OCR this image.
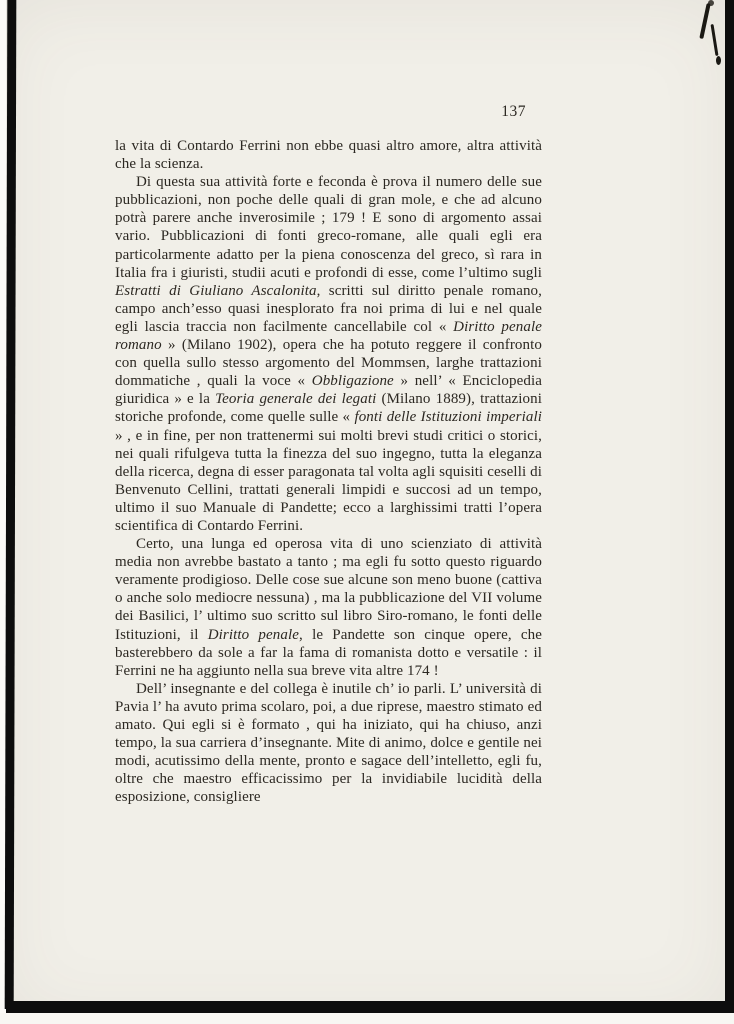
137

la vita di Contardo Ferrini non ebbe quasi altro amore, altra attività che la scienza.

Di questa sua attività forte e feconda è prova il numero delle sue pubblicazioni, non poche delle quali di gran mole, e che ad alcuno potrà parere anche inverosimile ; 179 ! E sono di argomento assai vario. Pubblicazioni di fonti greco-romane, alle quali egli era particolarmente adatto per la piena conoscenza del greco, sì rara in Italia fra i giuristi, studii acuti e profondi di esse, come l’ultimo sugli Estratti di Giuliano Ascalonita, scritti sul diritto penale romano, campo anch’esso quasi inesplorato fra noi prima di lui e nel quale egli lascia traccia non facilmente cancellabile col « Diritto penale romano » (Milano 1902), opera che ha potuto reggere il confronto con quella sullo stesso argomento del Mommsen, larghe trattazioni dommatiche , quali la voce « Obbligazione » nell’ « Enciclopedia giuridica » e la Teoria generale dei legati (Milano 1889), trattazioni storiche profonde, come quelle sulle « fonti delle Istituzioni imperiali » , e in fine, per non trattenermi sui molti brevi studi critici o storici, nei quali rifulgeva tutta la finezza del suo ingegno, tutta la eleganza della ricerca, degna di esser paragonata tal volta agli squisiti ceselli di Benvenuto Cellini, trattati generali limpidi e succosi ad un tempo, ultimo il suo Manuale di Pandette; ecco a larghissimi tratti l’opera scientifica di Contardo Ferrini.

Certo, una lunga ed operosa vita di uno scienziato di attività media non avrebbe bastato a tanto ; ma egli fu sotto questo riguardo veramente prodigioso. Delle cose sue alcune son meno buone (cattiva o anche solo mediocre nessuna) , ma la pubblicazione del VII volume dei Basilici, l’ ultimo suo scritto sul libro Siro-romano, le fonti delle Istituzioni, il Diritto penale, le Pandette son cinque opere, che basterebbero da sole a far la fama di romanista dotto e versatile : il Ferrini ne ha aggiunto nella sua breve vita altre 174 !

Dell’ insegnante e del collega è inutile ch’ io parli. L’ università di Pavia l’ ha avuto prima scolaro, poi, a due riprese, maestro stimato ed amato. Qui egli si è formato , qui ha iniziato, qui ha chiuso, anzi tempo, la sua carriera d’insegnante. Mite di animo, dolce e gentile nei modi, acutissimo della mente, pronto e sagace dell’intelletto, egli fu, oltre che maestro efficacissimo per la invidiabile lucidità della esposizione, consigliere
